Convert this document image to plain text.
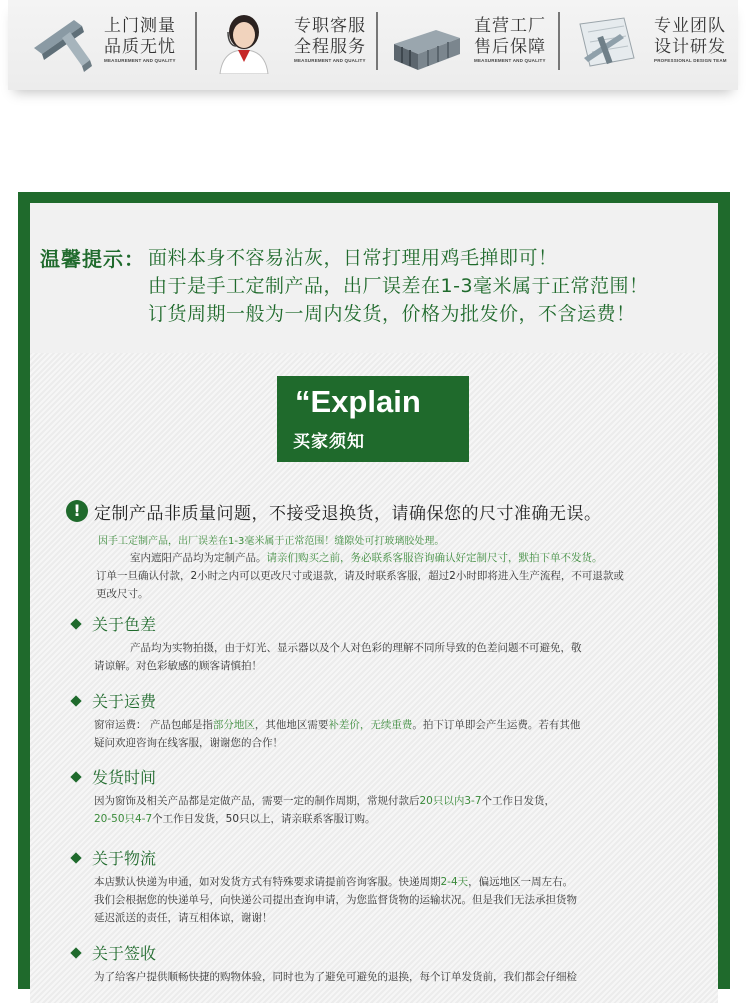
上门测量
品质无忧
MEASUREMENT AND QUALITY
专职客服
全程服务
MEASUREMENT AND QUALITY
直营工厂
售后保障
MEASUREMENT AND QUALITY
专业团队
设计研发
PROFESSIONAL DESIGN TEAM
温馨提示： 面料本身不容易沾灰，日常打理用鸡毛掸即可！
由于是手工定制产品，出厂误差在1-3毫米属于正常范围！
订货周期一般为一周内发货，价格为批发价，不含运费！
“Explain
买家须知
! 定制产品非质量问题，不接受退换货，请确保您的尺寸准确无误。
因手工定制产品，出厂误差在1-3毫米属于正常范围！缝隙处可打玻璃胶处理。
室内遮阳产品均为定制产品。请亲们购买之前，务必联系客服咨询确认好定制尺寸，默拍下单不发货。
订单一旦确认付款，2小时之内可以更改尺寸或退款，请及时联系客服，超过2小时即将进入生产流程，不可退款或
更改尺寸。
关于色差
产品均为实物拍摄，由于灯光、显示器以及个人对色彩的理解不同所导致的色差问题不可避免，敬
请谅解。对色彩敏感的顾客请慎拍！
关于运费
窗帘运费： 产品包邮是指部分地区，其他地区需要补差价，无续重费。拍下订单即会产生运费。若有其他
疑问欢迎咨询在线客服，谢谢您的合作！
发货时间
因为窗饰及相关产品都是定做产品，需要一定的制作周期，常规付款后20只以内3-7个工作日发货，
20-50只4-7个工作日发货，50只以上，请亲联系客服订购。
关于物流
本店默认快递为申通，如对发货方式有特殊要求请提前咨询客服。快递周期2-4天，偏远地区一周左右。
我们会根据您的快递单号，向快递公司提出查询申请，为您监督货物的运输状况。但是我们无法承担货物
延迟派送的责任，请互相体谅，谢谢！
关于签收
为了给客户提供顺畅快捷的购物体验，同时也为了避免可避免的退换，每个订单发货前，我们都会仔细检
